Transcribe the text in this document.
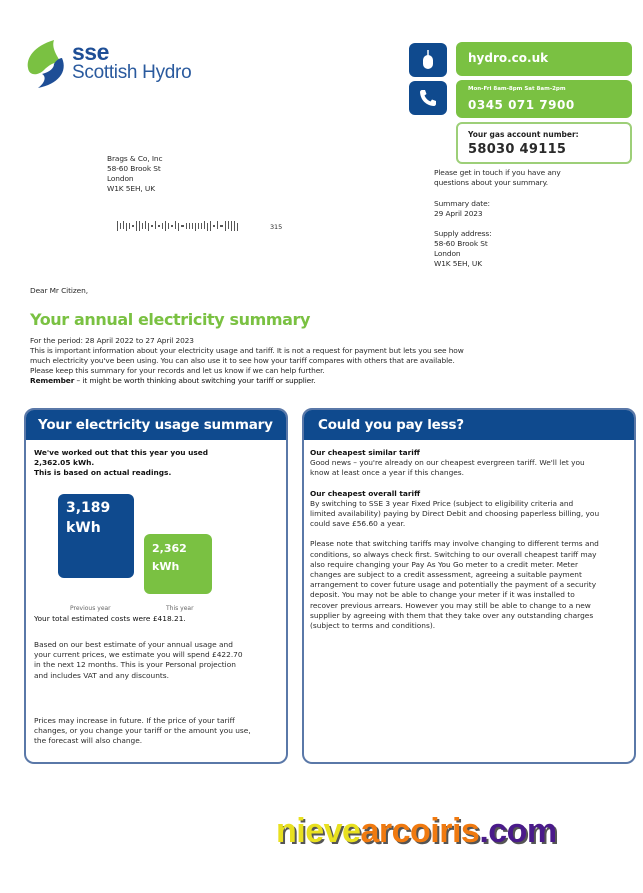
sse
Scottish Hydro
hydro.co.uk
Mon-Fri 8am-8pm Sat 8am-2pm
0345 071 7900
Your gas account number:
58030 49115
Brags & Co, Inc
58-60 Brook St
London
W1K 5EH, UK
315
Please get in touch if you have any questions about your summary.
Summary date:
29 April 2023
Supply address:
58-60 Brook St
London
W1K 5EH, UK
Dear Mr Citizen,
Your annual electricity summary
For the period: 28 April 2022 to 27 April 2023
This is important information about your electricity usage and tariff. It is not a request for payment but lets you see how
much electricity you've been using. You can also use it to see how your tariff compares with others that are available.
Please keep this summary for your records and let us know if we can help further.
Remember – it might be worth thinking about switching your tariff or supplier.
Your electricity usage summary

We've worked out that this year you used

2,362.05 kWh.

This is based on actual readings.

3,189
kWh
2,362
kWh
Previous year	This year

Your total estimated costs were £418.21.

Based on our best estimate of your annual usage and your current prices, we estimate you will spend £422.70 in the next 12 months. This is your Personal projection and includes VAT and any discounts.

Prices may increase in future. If the price of your tariff changes, or you change your tariff or the amount you use, the forecast will also change.

Could you pay less?

Our cheapest similar tariff

Good news – you're already on our cheapest evergreen tariff. We'll let you know at least once a year if this changes.

Our cheapest overall tariff

By switching to SSE 3 year Fixed Price (subject to eligibility criteria and limited availability) paying by Direct Debit and choosing paperless billing, you could save £56.60 a year.

Please note that switching tariffs may involve changing to different terms and conditions, so always check first. Switching to our overall cheapest tariff may also require changing your Pay As You Go meter to a credit meter. Meter changes are subject to a credit assessment, agreeing a suitable payment arrangement to cover future usage and potentially the payment of a security deposit. You may not be able to change your meter if it was installed to recover previous arrears. However you may still be able to change to a new supplier by agreeing with them that they take over any outstanding charges (subject to terms and conditions).

nievearcoiris.com
